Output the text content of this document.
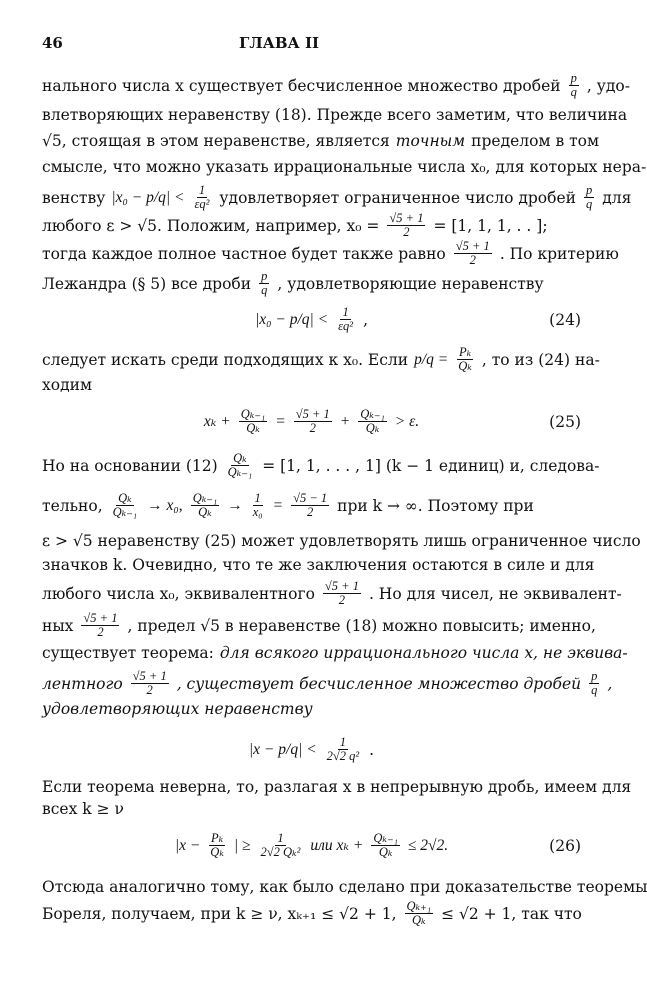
46	ГЛАВА II
нального числа x существует бесчисленное множество дробей $\frac{p}{q}$ , удо-
влетворяющих неравенству (18). Прежде всего заметим, что величина
√5, стоящая в этом неравенстве, является точным пределом в том
смысле, что можно указать иррациональные числа x₀, для которых нера-
венству $|x_0 - p/q| < \frac{1}{\text{εq²}}$ удовлетворяет ограниченное число дробей $\frac{p}{q}$ для
любого ε > √5. Положим, например, $x_0 = \frac{√5 + 1}{2} = [1$, 1, 1, . . ];
тогда каждое полное частное будет также равно $\frac{√5 + 1}{2}$ . По критерию
Лежандра (§ 5) все дроби $\frac{p}{q}$ , удовлетворяющие неравенству
$|x_0 - p/q| < \frac{1}{\text{εq²}}$ ,	(24)
следует искать среди подходящих к x₀. Если $p/q = \frac{\text{Pₖ}}{\text{Qₖ}}$ , то из (24) на-
ходим
$x_k + \frac{\text{Qₖ₋₁}}{\text{Qₖ}} = \frac{√5 + 1}{2} + \frac{\text{Qₖ₋₁}}{\text{Qₖ}} > \varepsilon$.	(25)
Но на основании $(12) \frac{\text{Qₖ}}{\text{Qₖ₋₁}} = [1$, 1, . . . , 1] (k − 1 единиц) и, следова-
тельно, $\frac{\text{Qₖ}}{\text{Qₖ₋₁}} \to x_0$, $\frac{\text{Qₖ₋₁}}{\text{Qₖ}} \to \frac{1}{\text{x₀}} = \frac{√5 - 1}{2}$ при k → ∞. Поэтому при
ε > √5 неравенству (25) может удовлетворять лишь ограниченное число
значков k. Очевидно, что те же заключения остаются в силе и для
любого числа x₀, эквивалентного $\frac{√5 + 1}{2}$ . Но для чисел, не эквивалент-
ных $\frac{√5 + 1}{2}$ , предел √5 в неравенстве (18) можно повысить; именно,
существует теорема: для всякого иррационального числа x, не эквива-
лентного $\frac{√5 + 1}{2}$ , существует бесчисленное множество дробей $\frac{p}{q}$ ,
удовлетворяющих неравенству
$|x - p/q| < \frac{1}{\text{2√2 q²}}$ .
Если теорема неверна, то, разлагая x в непрерывную дробь, имеем для
всех k ≥ ν
$|x - \frac{\text{Pₖ}}{\text{Qₖ}}$ | ≥ $\frac{1}{\text{2√2 Qₖ²}}$ или $x_k + \frac{\text{Qₖ₋₁}}{\text{Qₖ}} \le 2√2$.	(26)
Отсюда аналогично тому, как было сделано при доказательстве теоремы
Бореля, получаем, при k ≥ ν, xₖ₊₁ ≤ √2 + 1, $\frac{\text{Qₖ₊₁}}{\text{Qₖ}} \le √2 + 1$, так что
